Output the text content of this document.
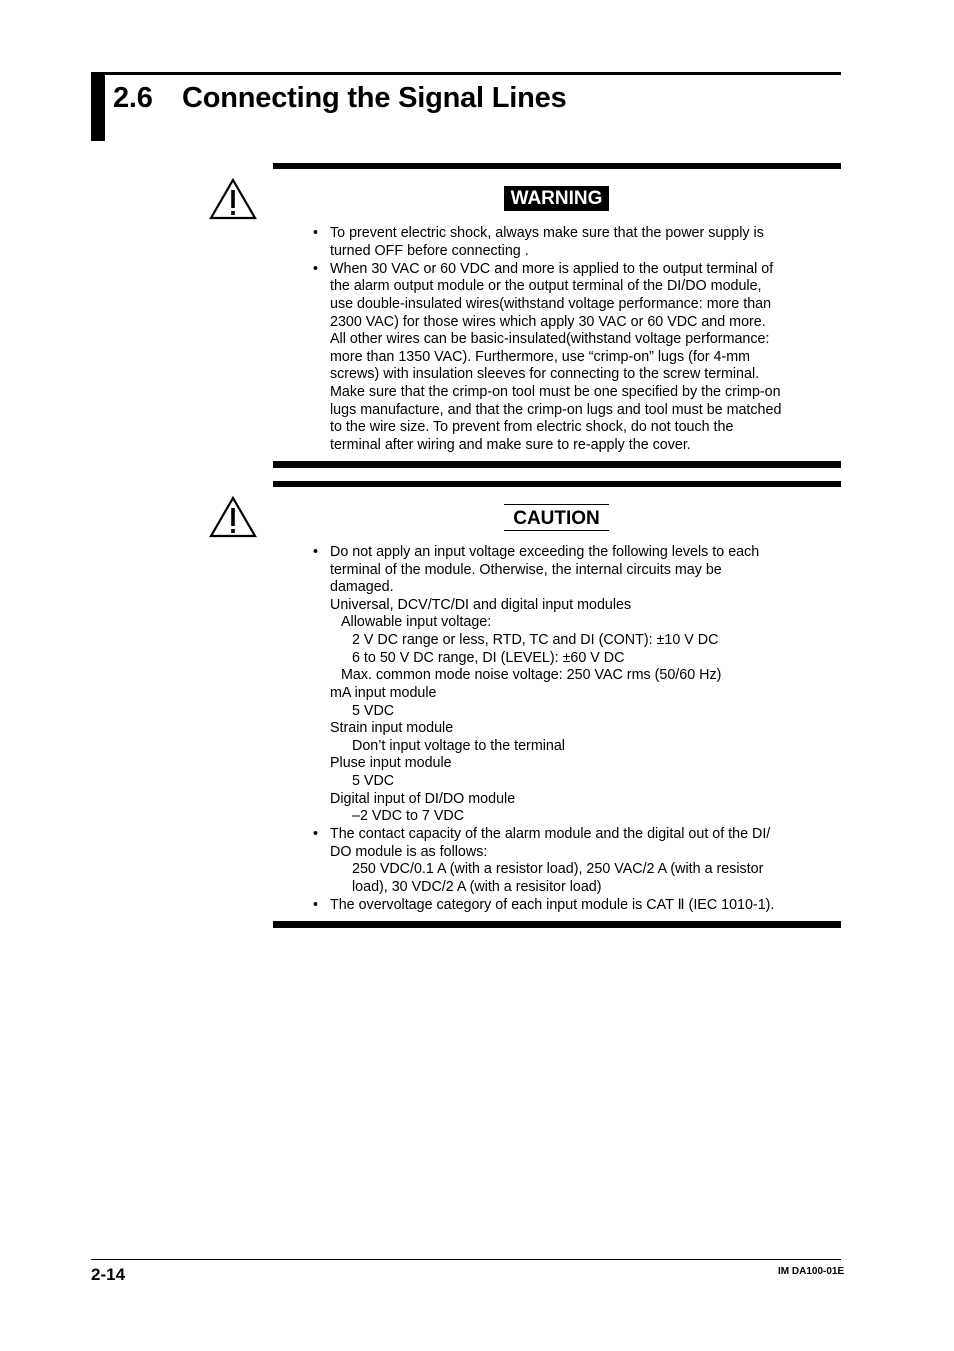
2.6 Connecting the Signal Lines
WARNING
• To prevent electric shock, always make sure that the power supply is
turned OFF before connecting .
• When 30 VAC or 60 VDC and more is applied to the output terminal of
the alarm output module or the output terminal of the DI/DO module,
use double-insulated wires(withstand voltage performance: more than
2300 VAC) for those wires which apply 30 VAC or 60 VDC and more.
All other wires can be basic-insulated(withstand voltage performance:
more than 1350 VAC). Furthermore, use “crimp-on” lugs (for 4-mm
screws) with insulation sleeves for connecting to the screw terminal.
Make sure that the crimp-on tool must be one specified by the crimp-on
lugs manufacture, and that the crimp-on lugs and tool must be matched
to the wire size. To prevent from electric shock, do not touch the
terminal after wiring and make sure to re-apply the cover.
CAUTION
• Do not apply an input voltage exceeding the following levels to each
terminal of the module. Otherwise, the internal circuits may be
damaged.
Universal, DCV/TC/DI and digital input modules
Allowable input voltage:
2 V DC range or less, RTD, TC and DI (CONT): ±10 V DC
6 to 50 V DC range, DI (LEVEL): ±60 V DC
Max. common mode noise voltage: 250 VAC rms (50/60 Hz)
mA input module
5 VDC
Strain input module
Don’t input voltage to the terminal
Pluse input module
5 VDC
Digital input of DI/DO module
–2 VDC to 7 VDC
• The contact capacity of the alarm module and the digital out of the DI/
DO module is as follows:
250 VDC/0.1 A (with a resistor load), 250 VAC/2 A (with a resistor
load), 30 VDC/2 A (with a resisitor load)
• The overvoltage category of each input module is CAT Ⅱ (IEC 1010-1).
2-14	IM DA100-01E
